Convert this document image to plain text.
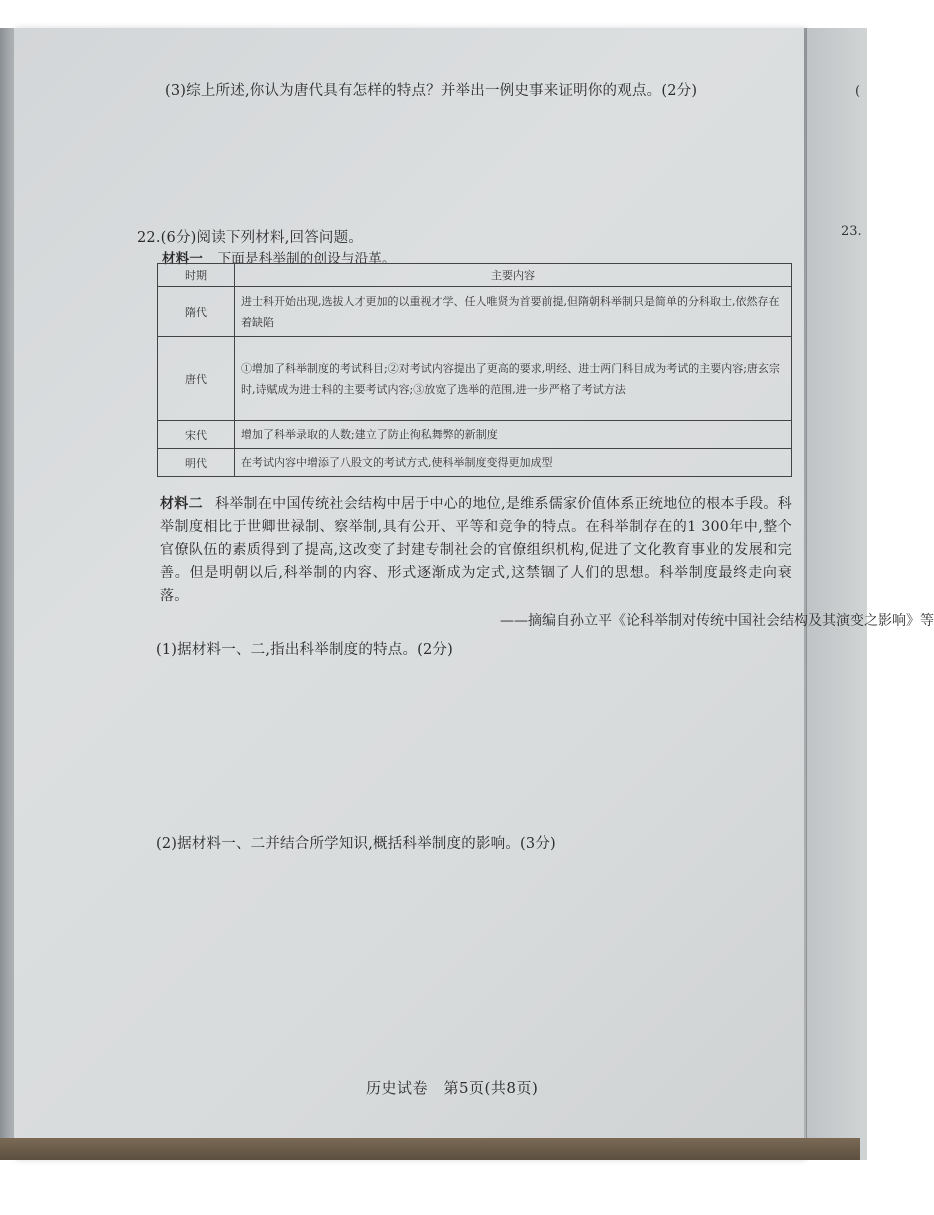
(
23.
(3)综上所述,你认为唐代具有怎样的特点？并举出一例史事来证明你的观点。(2分)
22.(6分)阅读下列材料,回答问题。
材料一 下面是科举制的创设与沿革。
时期	主要内容
隋代	进士科开始出现,选拔人才更加的以重视才学、任人唯贤为首要前提,但隋朝科举制只是简单的分科取士,依然存在着缺陷
唐代	①增加了科举制度的考试科目;②对考试内容提出了更高的要求,明经、进士两门科目成为考试的主要内容;唐玄宗时,诗赋成为进士科的主要考试内容;③放宽了选举的范围,进一步严格了考试方法
宋代	增加了科举录取的人数;建立了防止徇私舞弊的新制度
明代	在考试内容中增添了八股文的考试方式,使科举制度变得更加成型
材料二 科举制在中国传统社会结构中居于中心的地位,是维系儒家价值体系正统地位的根本手段。科举制度相比于世卿世禄制、察举制,具有公开、平等和竞争的特点。在科举制存在的1 300年中,整个官僚队伍的素质得到了提高,这改变了封建专制社会的官僚组织机构,促进了文化教育事业的发展和完善。但是明朝以后,科举制的内容、形式逐渐成为定式,这禁锢了人们的思想。科举制度最终走向衰落。
——摘编自孙立平《论科举制对传统中国社会结构及其演变之影响》等
(1)据材料一、二,指出科举制度的特点。(2分)
(2)据材料一、二并结合所学知识,概括科举制度的影响。(3分)
历史试卷　第5页(共8页)
